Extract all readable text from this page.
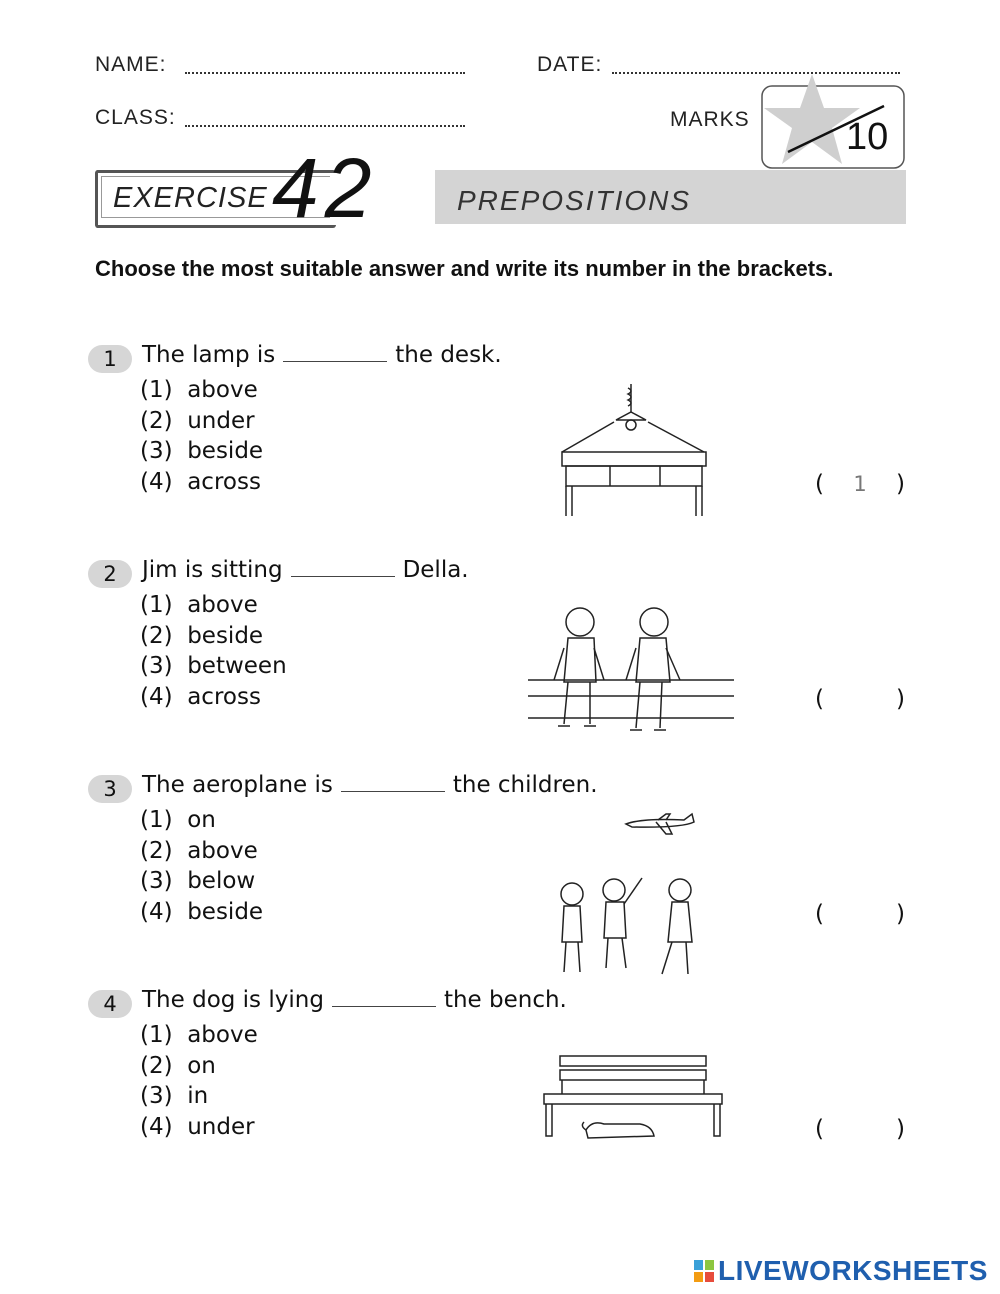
NAME:	DATE:
CLASS:	MARKS	10
EXERCISE 42	PREPOSITIONS
Choose the most suitable answer and write its number in the brackets.
1	The lamp is	the desk.
(1)  above
(2)  under
(3)  beside
(4)  across	(
1	)
2	Jim is sitting	Della.
(1)  above
(2)  beside
(3)  between
(4)  across	(	)
3	The aeroplane is	the children.
(1)  on
(2)  above
(3)  below
(4)  beside	(	)
4	The dog is lying	the bench.
(1)  above
(2)  on
(3)  in
(4)  under	(	)
LIVEWORKSHEETS
